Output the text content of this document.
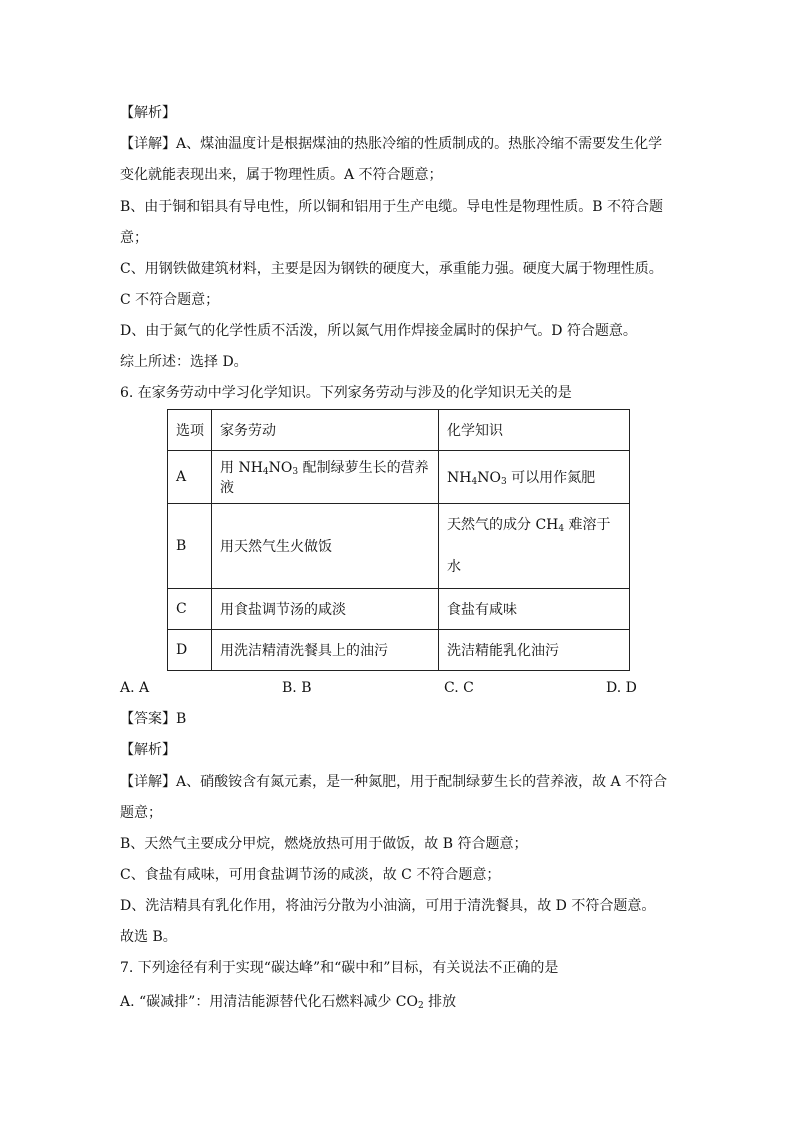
【解析】
【详解】A、煤油温度计是根据煤油的热胀冷缩的性质制成的。热胀冷缩不需要发生化学
变化就能表现出来，属于物理性质。A 不符合题意；
B、由于铜和铝具有导电性，所以铜和铝用于生产电缆。导电性是物理性质。B 不符合题
意；
C、用钢铁做建筑材料，主要是因为钢铁的硬度大，承重能力强。硬度大属于物理性质。
C 不符合题意；
D、由于氮气的化学性质不活泼，所以氮气用作焊接金属时的保护气。D 符合题意。
综上所述：选择 D。
6. 在家务劳动中学习化学知识。下列家务劳动与涉及的化学知识无关的是
选项	家务劳动	化学知识
A	用 $NH_4NO_3$ 配制绿萝生长的营养液	$NH_4NO_3$ 可以用作氮肥
B	用天然气生火做饭	天然气的成分 $CH_4$ 难溶于
水
C	用食盐调节汤的咸淡	食盐有咸味
D	用洗洁精清洗餐具上的油污	洗洁精能乳化油污
A. A	B. B	C. C	D. D
【答案】B
【解析】
【详解】A、硝酸铵含有氮元素，是一种氮肥，用于配制绿萝生长的营养液，故 A 不符合
题意；
B、天然气主要成分甲烷，燃烧放热可用于做饭，故 B 符合题意；
C、食盐有咸味，可用食盐调节汤的咸淡，故 C 不符合题意；
D、洗洁精具有乳化作用，将油污分散为小油滴，可用于清洗餐具，故 D 不符合题意。
故选 B。
7. 下列途径有利于实现“碳达峰”和“碳中和”目标，有关说法不正确的是
A. “碳减排”：用清洁能源替代化石燃料减少 $CO_2$ 排放
